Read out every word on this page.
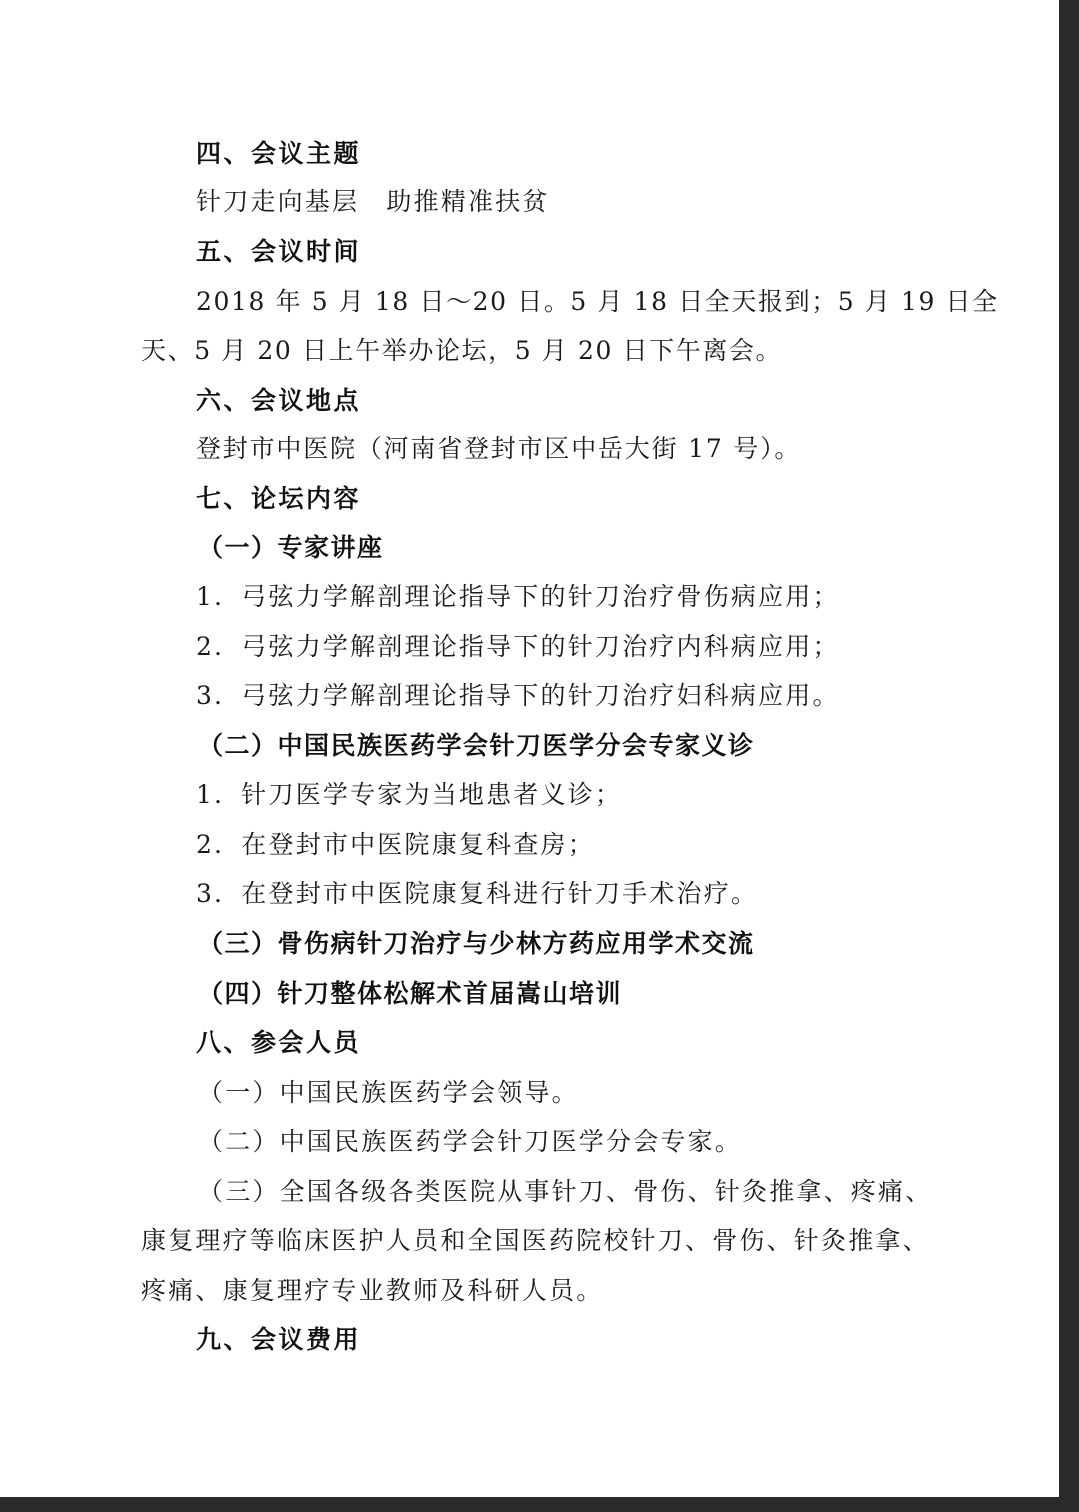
四、会议主题
针刀走向基层　助推精准扶贫
五、会议时间
2018 年 5 月 18 日～20 日。5 月 18 日全天报到；5 月 19 日全
天、5 月 20 日上午举办论坛，5 月 20 日下午离会。
六、会议地点
登封市中医院（河南省登封市区中岳大街 17 号）。
七、论坛内容
（一）专家讲座
1．弓弦力学解剖理论指导下的针刀治疗骨伤病应用；
2．弓弦力学解剖理论指导下的针刀治疗内科病应用；
3．弓弦力学解剖理论指导下的针刀治疗妇科病应用。
（二）中国民族医药学会针刀医学分会专家义诊
1．针刀医学专家为当地患者义诊；
2．在登封市中医院康复科查房；
3．在登封市中医院康复科进行针刀手术治疗。
（三）骨伤病针刀治疗与少林方药应用学术交流
（四）针刀整体松解术首届嵩山培训
八、参会人员
（一）中国民族医药学会领导。
（二）中国民族医药学会针刀医学分会专家。
（三）全国各级各类医院从事针刀、骨伤、针灸推拿、疼痛、
康复理疗等临床医护人员和全国医药院校针刀、骨伤、针灸推拿、
疼痛、康复理疗专业教师及科研人员。
九、会议费用
